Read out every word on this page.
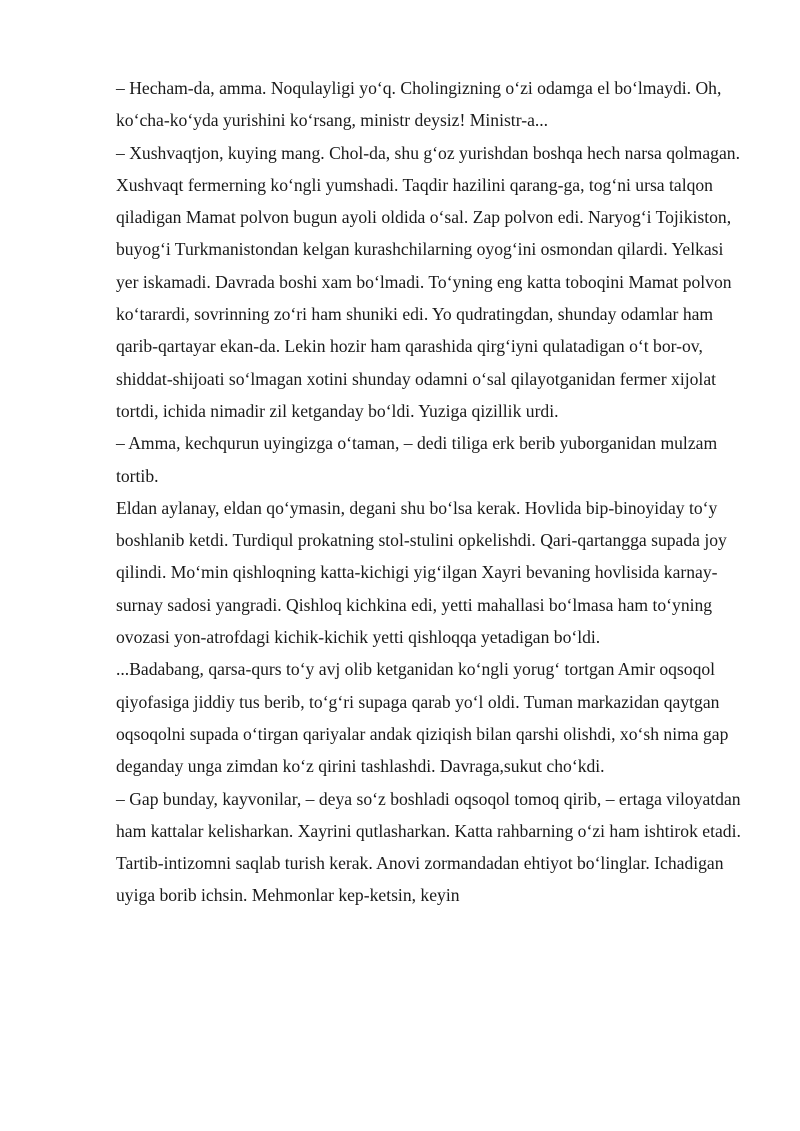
– Hecham-da, amma. Noqulayligi yo‘q. Cholingizning o‘zi odamga el bo‘lmaydi. Oh, ko‘cha-ko‘yda yurishini ko‘rsang, ministr deysiz! Ministr-a...

– Xushvaqtjon, kuying mang. Chol-da, shu g‘oz yurishdan boshqa hech narsa qolmagan.

Xushvaqt fermerning ko‘ngli yumshadi. Taqdir hazilini qarang-ga, tog‘ni ursa talqon qiladigan Mamat polvon bugun ayoli oldida o‘sal. Zap polvon edi. Naryog‘i Tojikiston, buyog‘i Turkmanistondan kelgan kurashchilarning oyog‘ini osmondan qilardi. Yelkasi yer iskamadi. Davrada boshi xam bo‘lmadi. To‘yning eng katta toboqini Mamat polvon ko‘tarardi, sovrinning zo‘ri ham shuniki edi. Yo qudratingdan, shunday odamlar ham qarib-qartayar ekan-da. Lekin hozir ham qarashida qirg‘iyni qulatadigan o‘t bor-ov, shiddat-shijoati so‘lmagan xotini shunday odamni o‘sal qilayotganidan fermer xijolat tortdi, ichida nimadir zil ketganday bo‘ldi. Yuziga qizillik urdi.

– Amma, kechqurun uyingizga o‘taman, – dedi tiliga erk berib yuborganidan mulzam tortib.

Eldan aylanay, eldan qo‘ymasin, degani shu bo‘lsa kerak. Hovlida bip-binoyiday to‘y boshlanib ketdi. Turdiqul prokatning stol-stulini opkelishdi. Qari-qartangga supada joy qilindi. Mo‘min qishloqning katta-kichigi yig‘ilgan Xayri bevaning hovlisida karnay-surnay sadosi yangradi. Qishloq kichkina edi, yetti mahallasi bo‘lmasa ham to‘yning ovozasi yon-atrofdagi kichik-kichik yetti qishloqqa yetadigan bo‘ldi.

...Badabang, qarsa-qurs to‘y avj olib ketganidan ko‘ngli yorug‘ tortgan Amir oqsoqol qiyofasiga jiddiy tus berib, to‘g‘ri supaga qarab yo‘l oldi. Tuman markazidan qaytgan oqsoqolni supada o‘tirgan qariyalar andak qiziqish bilan qarshi olishdi, xo‘sh nima gap deganday unga zimdan ko‘z qirini tashlashdi. Davraga,sukut cho‘kdi.

– Gap bunday, kayvonilar, – deya so‘z boshladi oqsoqol tomoq qirib, – ertaga viloyatdan ham kattalar kelisharkan. Xayrini qutlasharkan. Katta rahbarning o‘zi ham ishtirok etadi. Tartib-intizomni saqlab turish kerak. Anovi zormandadan ehtiyot bo‘linglar. Ichadigan uyiga borib ichsin. Mehmonlar kep-ketsin, keyin
